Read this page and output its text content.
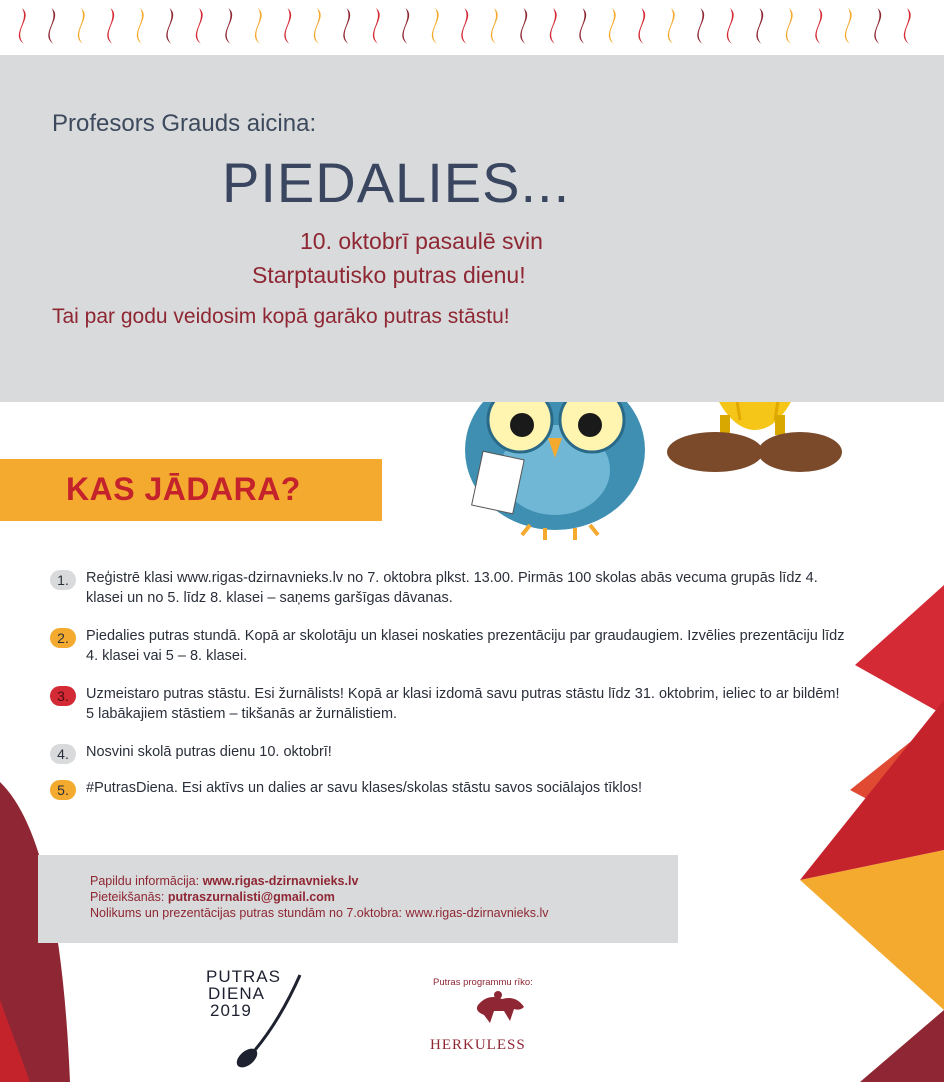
Profesors Grauds aicina:
PIEDALIES...
10. oktobrī pasaulē svin
Starptautisko putras dienu!
Tai par godu veidosim kopā garāko putras stāstu!
KAS JĀDARA?
1.	Reģistrē klasi www.rigas-dzirnavnieks.lv no 7. oktobra plkst. 13.00. Pirmās 100 skolas abās vecuma grupās līdz 4. klasei un no 5. līdz 8. klasei – saņems garšīgas dāvanas.
2.	Piedalies putras stundā. Kopā ar skolotāju un klasei noskaties prezentāciju par graudaugiem. Izvēlies prezentāciju līdz 4. klasei vai 5 – 8. klasei.
3.	Uzmeistaro putras stāstu. Esi žurnālists! Kopā ar klasi izdomā savu putras stāstu līdz 31. oktobrim, ieliec to ar bildēm! 5 labākajiem stāstiem – tikšanās ar žurnālistiem.
4.	Nosvini skolā putras dienu 10. oktobrī!
5.	#PutrasDiena. Esi aktīvs un dalies ar savu klases/skolas stāstu savos sociālajos tīklos!
Papildu informācija: www.rigas-dzirnavnieks.lv
Pieteikšanās: putraszurnalisti@gmail.com
Nolikums un prezentācijas putras stundām no 7.oktobra: www.rigas-dzirnavnieks.lv
PUTRAS
DIENA
2019
Putras programmu rīko:
HERKULESS
